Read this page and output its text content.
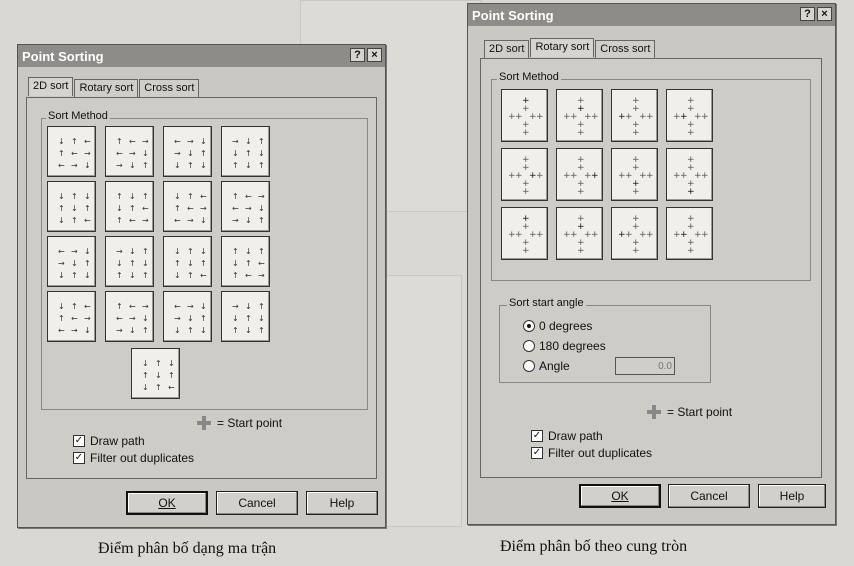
Point Sorting	? ×
2D sort	Rotary sort	Cross sort
Sort Method
↓ ↑ ←
↑ ← →
← → ↓
↑ ← →
← → ↓
→ ↓ ↑
← → ↓
→ ↓ ↑
↓ ↑ ↓
→ ↓ ↑
↓ ↑ ↓
↑ ↓ ↑
↓ ↑ ↓
↑ ↓ ↑
↓ ↑ ←
↑ ↓ ↑
↓ ↑ ←
↑ ← →
↓ ↑ ←
↑ ← →
← → ↓
↑ ← →
← → ↓
→ ↓ ↑
← → ↓
→ ↓ ↑
↓ ↑ ↓
→ ↓ ↑
↓ ↑ ↓
↑ ↓ ↑
↓ ↑ ↓
↑ ↓ ↑
↓ ↑ ←
↑ ↓ ↑
↓ ↑ ←
↑ ← →
↓ ↑ ←
↑ ← →
← → ↓
↑ ← →
← → ↓
→ ↓ ↑
← → ↓
→ ↓ ↑
↓ ↑ ↓
→ ↓ ↑
↓ ↑ ↓
↑ ↓ ↑
↓ ↑ ↓
↑ ↓ ↑
↓ ↑ ←
= Start point
✓ Draw path
✓ Filter out duplicates
OK	Cancel	Help
Point Sorting	? ×
2D sort	Rotary sort	Cross sort
Sort Method
+
+
+ + + +
+
+
+
+
+ + + +
+
+
+
+
+ + + +
+
+
+
+
+ + + +
+
+
+
+
+ + + +
+
+
+
+
+ + + +
+
+
+
+
+ + + +
+
+
+
+
+ + + +
+
+
+
+
+ + + +
+
+
+
+
+ + + +
+
+
+
+
+ + + +
+
+
+
+
+ + + +
+
+
Sort start angle
0 degrees
180 degrees
Angle	0.0
= Start point
✓ Draw path
✓ Filter out duplicates
OK	Cancel	Help
Điểm phân bố dạng ma trận	Điểm phân bố theo cung tròn
